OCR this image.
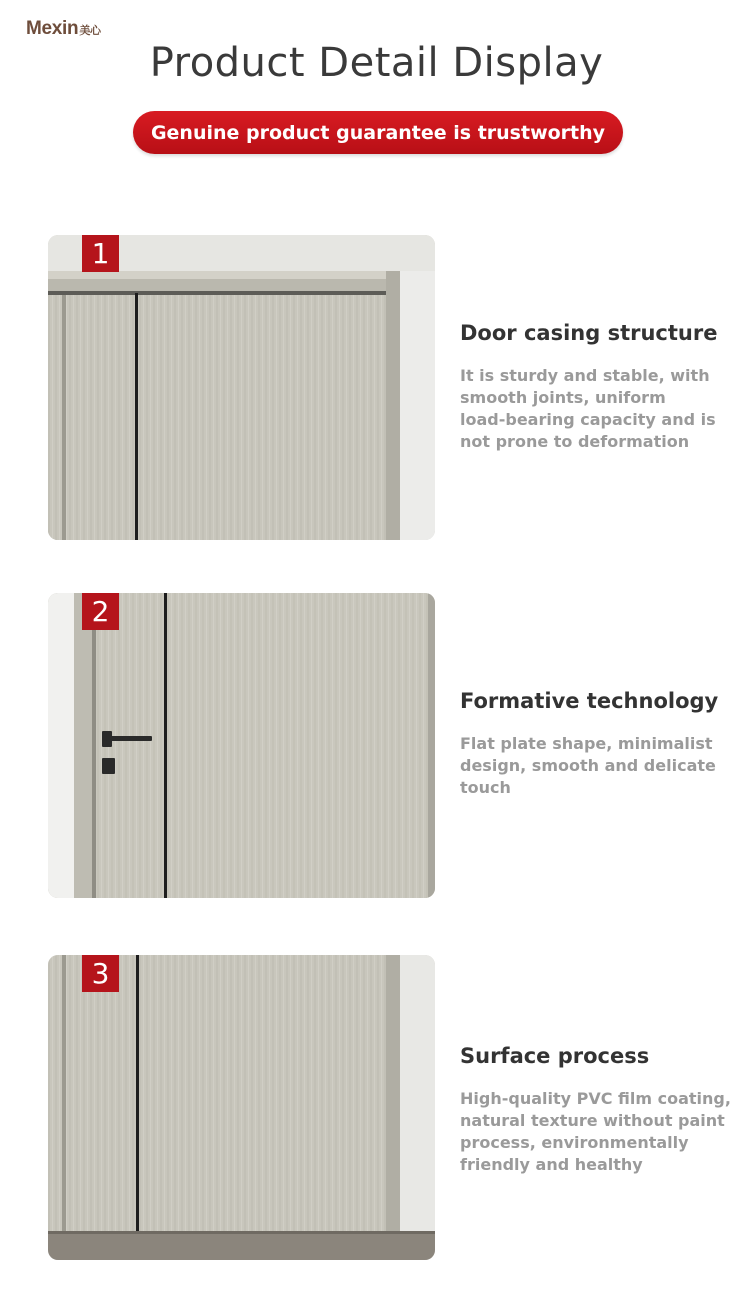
Mexin美心
Product Detail Display
Genuine product guarantee is trustworthy
1
2
3
Door casing structure
It is sturdy and stable, with
smooth joints, uniform
load-bearing capacity and is
not prone to deformation
Formative technology
Flat plate shape, minimalist
design, smooth and delicate
touch
Surface process
High-quality PVC film coating,
natural texture without paint
process, environmentally
friendly and healthy
